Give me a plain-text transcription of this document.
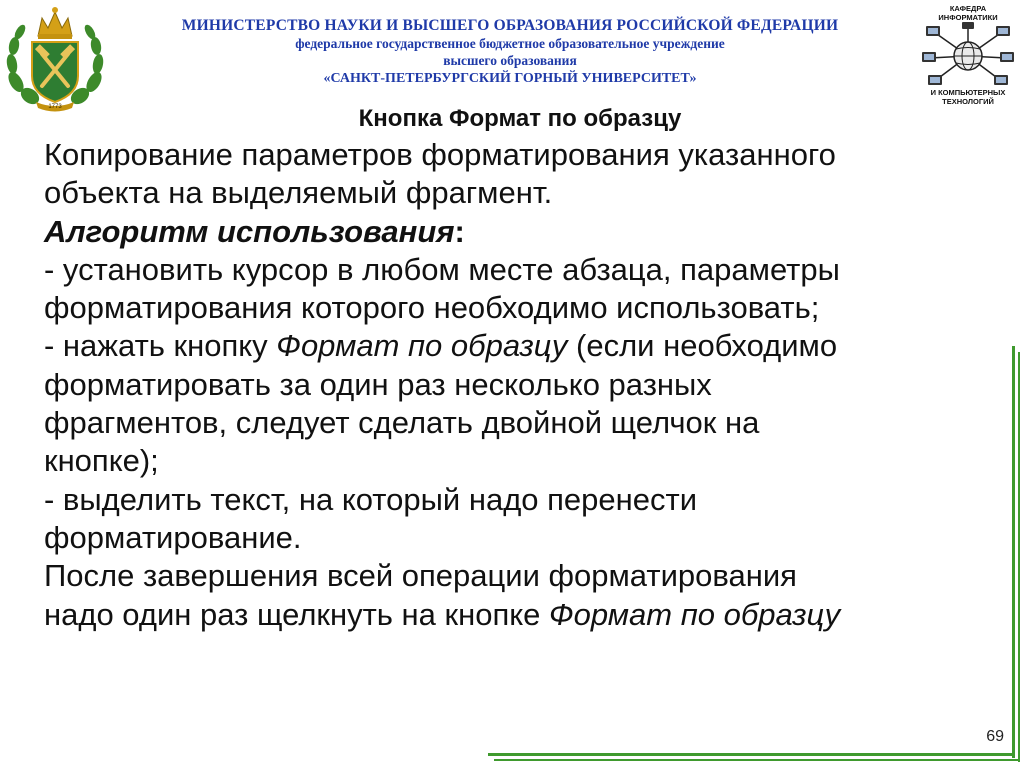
1773
МИНИСТЕРСТВО НАУКИ И ВЫСШЕГО ОБРАЗОВАНИЯ РОССИЙСКОЙ ФЕДЕРАЦИИ
федеральное государственное бюджетное образовательное учреждение
высшего образования
«САНКТ-ПЕТЕРБУРГСКИЙ ГОРНЫЙ УНИВЕРСИТЕТ»
КАФЕДРА
ИНФОРМАТИКИ
И КОМПЬЮТЕРНЫХ
ТЕХНОЛОГИЙ
Кнопка Формат по образцу
Копирование параметров форматирования указанного
объекта на выделяемый фрагмент.
Алгоритм использования:
- установить курсор в любом месте абзаца, параметры
форматирования которого необходимо использовать;
- нажать кнопку Формат по образцу (если необходимо
форматировать за один раз несколько разных
фрагментов, следует сделать двойной щелчок на
кнопке);
- выделить текст, на который надо перенести
форматирование.
После завершения всей операции форматирования
надо один раз щелкнуть на кнопке Формат по образцу
69
